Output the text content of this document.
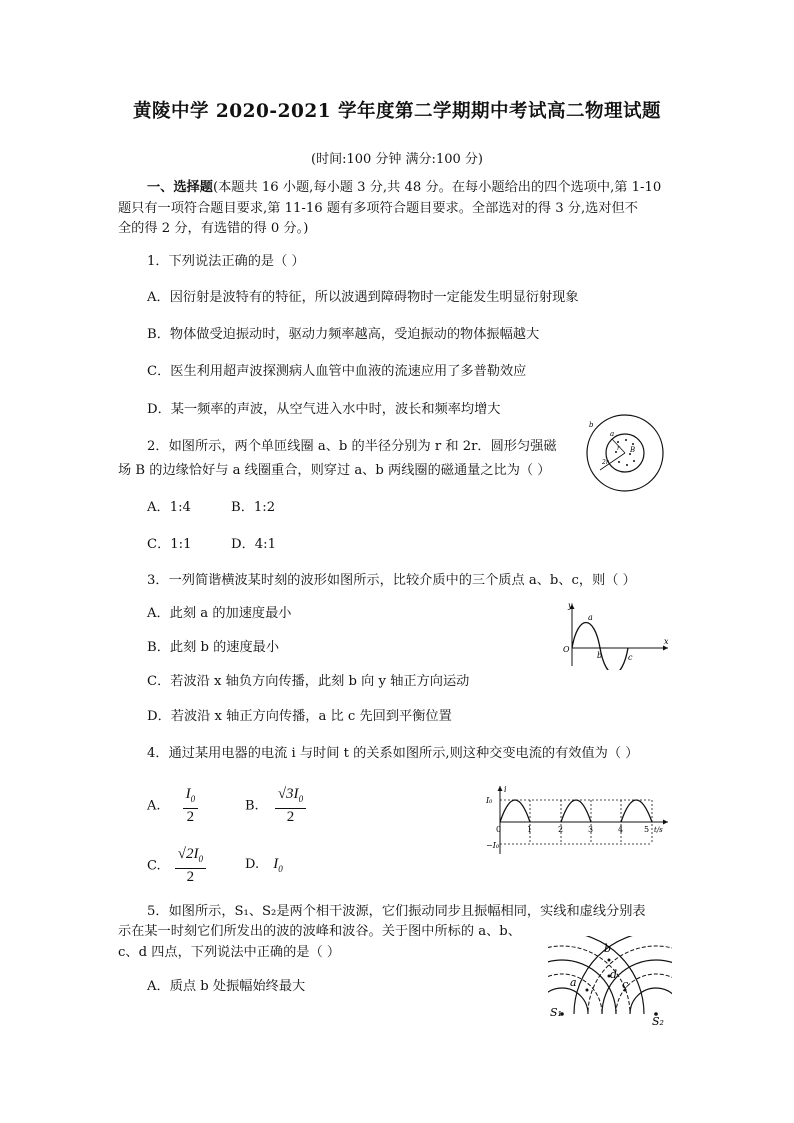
黄陵中学 2020-2021 学年度第二学期期中考试高二物理试题
(时间:100 分钟 满分:100 分)
一、选择题(本题共 16 小题,每小题 3 分,共 48 分。在每小题给出的四个选项中,第 1-10
题只有一项符合题目要求,第 11-16 题有多项符合题目要求。全部选对的得 3 分,选对但不
全的得 2 分，有选错的得 0 分。)
1．下列说法正确的是（ ）
A．因衍射是波特有的特征，所以波遇到障碍物时一定能发生明显衍射现象
B．物体做受迫振动时，驱动力频率越高，受迫振动的物体振幅越大
C．医生利用超声波探测病人血管中血液的流速应用了多普勒效应
D．某一频率的声波，从空气进入水中时，波长和频率均增大
2．如图所示，两个单匝线圈 a、b 的半径分别为 r 和 2r．圆形匀强磁
场 B 的边缘恰好与 a 线圈重合，则穿过 a、b 两线圈的磁通量之比为（ ）
A．1:4	B．1:2
C．1:1	D．4:1
b
a
B
r
2r
3．一列简谐横波某时刻的波形如图所示，比较介质中的三个质点 a、b、c，则（ ）
A．此刻 a 的加速度最小
B．此刻 b 的速度最小
C．若波沿 x 轴负方向传播，此刻 b 向 y 轴正方向运动
D．若波沿 x 轴正方向传播，a 比 c 先回到平衡位置
y
x
O
a
b	c
4．通过某用电器的电流 i 与时间 t 的关系如图所示,则这种交变电流的有效值为（ ）
A. $\frac{I_0}{2}$	B. $\frac{√3I_0}{2}$
C. $\frac{√2I_0}{2}$	D. $I_0$
i
I₀
−I₀
t/s
0	1	2	3	4	5
5．如图所示，S₁、S₂是两个相干波源，它们振动同步且振幅相同，实线和虚线分别表
示在某一时刻它们所发出的波的波峰和波谷。关于图中所标的 a、b、
c、d 四点，下列说法中正确的是（ ）
A．质点 b 处振幅始终最大
S₁
S₂
a
b
c
d
